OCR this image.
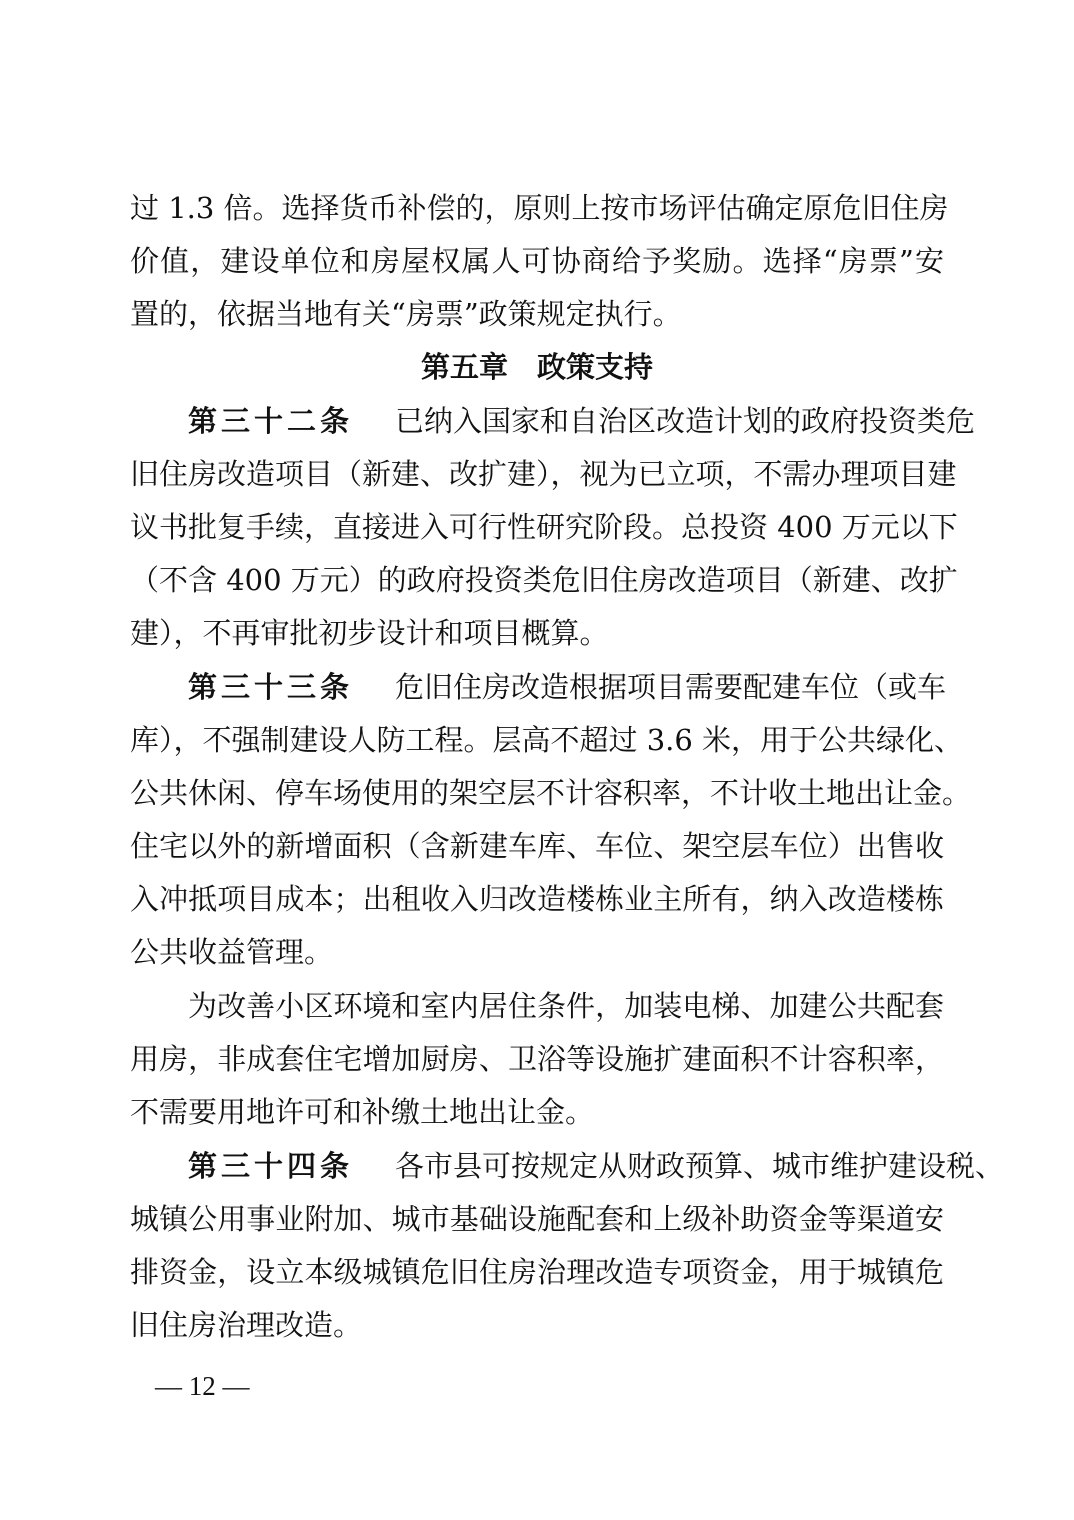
过 1.3 倍。选择货币补偿的，原则上按市场评估确定原危旧住房
价值，建设单位和房屋权属人可协商给予奖励。选择“房票”安
置的，依据当地有关“房票”政策规定执行。
第五章　政策支持
第三十二条 已纳入国家和自治区改造计划的政府投资类危
旧住房改造项目（新建、改扩建），视为已立项，不需办理项目建
议书批复手续，直接进入可行性研究阶段。总投资 400 万元以下
（不含 400 万元）的政府投资类危旧住房改造项目（新建、改扩
建），不再审批初步设计和项目概算。
第三十三条 危旧住房改造根据项目需要配建车位（或车
库），不强制建设人防工程。层高不超过 3.6 米，用于公共绿化、
公共休闲、停车场使用的架空层不计容积率，不计收土地出让金。
住宅以外的新增面积（含新建车库、车位、架空层车位）出售收
入冲抵项目成本；出租收入归改造楼栋业主所有，纳入改造楼栋
公共收益管理。
为改善小区环境和室内居住条件，加装电梯、加建公共配套
用房，非成套住宅增加厨房、卫浴等设施扩建面积不计容积率，
不需要用地许可和补缴土地出让金。
第三十四条 各市县可按规定从财政预算、城市维护建设税、
城镇公用事业附加、城市基础设施配套和上级补助资金等渠道安
排资金，设立本级城镇危旧住房治理改造专项资金，用于城镇危
旧住房治理改造。
— 12 —
